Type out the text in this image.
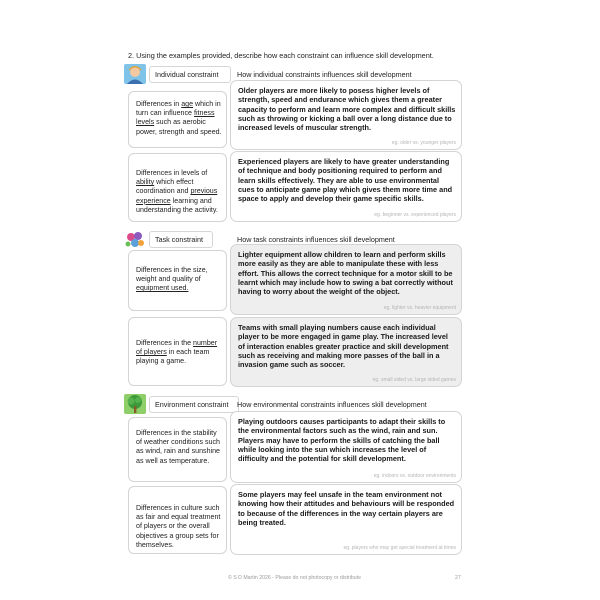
2. Using the examples provided, describe how each constraint can influence skill development.
Individual constraint	How individual constraints influences skill development
Differences in age which in turn can influence fitness levels such as aerobic power, strength and speed.
Older players are more likely to posess higher levels of strength, speed and endurance which gives them a greater capacity to perform and learn more complex and difficult skills such as throwing or kicking a ball over a long distance due to increased levels of muscular strength.
eg. older vs. younger players
Differences in levels of ability which effect coordination and previous experience learning and understanding the activity.
Experienced players are likely to have greater understanding of technique and body positioning required to perform and learn skills effectively. They are able to use environmental cues to anticipate game play which gives them more time and space to apply and develop their game specific skills.
eg. beginner vs. experienced players
Task constraint	How task constraints influences skill development
Differences in the size, weight and quality of equipment used.
Lighter equipment allow children to learn and perform skills more easily as they are able to manipulate these with less effort. This allows the correct technique for a motor skill to be learnt which may include how to swing a bat correctly without having to worry about the weight of the object.
eg. lighter vs. heavier equipment
Differences in the number of players in each team playing a game.
Teams with small playing numbers cause each individual player to be more engaged in game play. The increased level of interaction enables greater practice and skill development such as receiving and making more passes of the ball in a invasion game such as soccer.
eg. small sided vs. large sided games
Environment constraint How environmental constraints influences skill development
Differences in the stability of weather conditions such as wind, rain and sunshine as well as temperature.
Playing outdoors causes participants to adapt their skills to the environmental factors such as the wind, rain and sun. Players may have to perform the skills of catching the ball while looking into the sun which increases the level of difficulty and the potential for skill development.
eg. indoors vs. outdoor environments
Differences in culture such as fair and equal treatment of players or the overall objectives a group sets for themselves.
Some players may feel unsafe in the team environment not knowing how their attitudes and behaviours will be responded to because of the differences in the way certain players are being treated.
eg. players who may get special treatment at times
© S D Martin 2026 - Please do not photocopy or distribute	27
